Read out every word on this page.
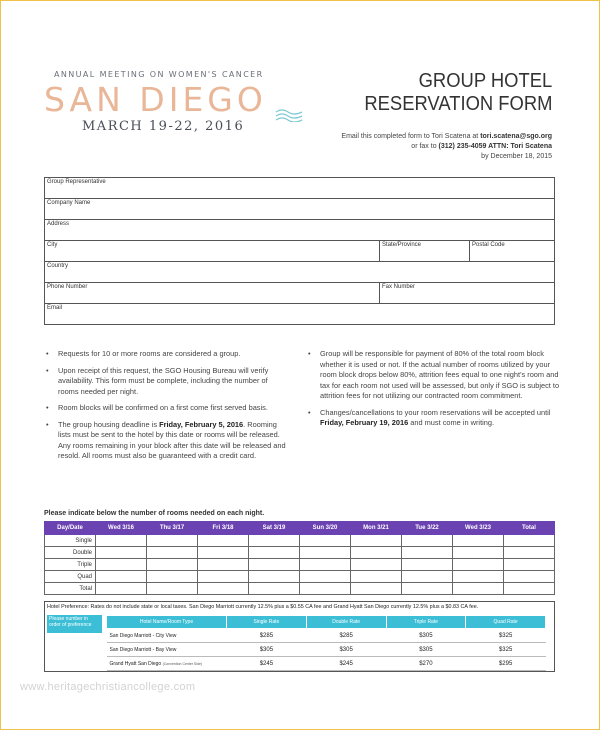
ANNUAL MEETING ON WOMEN'S CANCER
SAN DIEGO
MARCH 19-22, 2016
GROUP HOTEL
RESERVATION FORM
Email this completed form to Tori Scatena at tori.scatena@sgo.org
or fax to (312) 235-4059 ATTN: Tori Scatena
by December 18, 2015
Group Representative		
Company Name		
Address		
City	State/Province	Postal Code
Country		
Phone Number	Fax Number	
Email		
• Requests for 10 or more rooms are considered a group.
• Upon receipt of this request, the SGO Housing Bureau will verify availability. This form must be complete, including the number of rooms needed per night.
• Room blocks will be confirmed on a first come first served basis.
• The group housing deadline is Friday, February 5, 2016. Rooming lists must be sent to the hotel by this date or rooms will be released. Any rooms remaining in your block after this date will be released and resold. All rooms must also be guaranteed with a credit card.
• Group will be responsible for payment of 80% of the total room block whether it is used or not. If the actual number of rooms utilized by your room block drops below 80%, attrition fees equal to one night's room and tax for each room not used will be assessed, but only if SGO is subject to attrition fees for not utilizing our contracted room commitment.
• Changes/cancellations to your room reservations will be accepted until Friday, February 19, 2016 and must come in writing.
Please indicate below the number of rooms needed on each night.
Day/Date	Wed 3/16	Thu 3/17	Fri 3/18	Sat 3/19	Sun 3/20	Mon 3/21	Tue 3/22	Wed 3/23	Total
Single									
Double									
Triple									
Quad									
Total									
Hotel Preference: Rates do not include state or local taxes. San Diego Marriott currently 12.5% plus a $0.55 CA fee and Grand Hyatt San Diego currently 12.5% plus a $0.83 CA fee.
Please number in order of preference	Hotel Name/Room Type	Single Rate	Double Rate	Triple Rate	Quad Rate
San Diego Marriott - City View	$285	$285	$305	$325
San Diego Marriott - Bay View	$305	$305	$305	$325
Grand Hyatt San Diego (Convention Center Side)	$245	$245	$270	$295
www.heritagechristiancollege.com
